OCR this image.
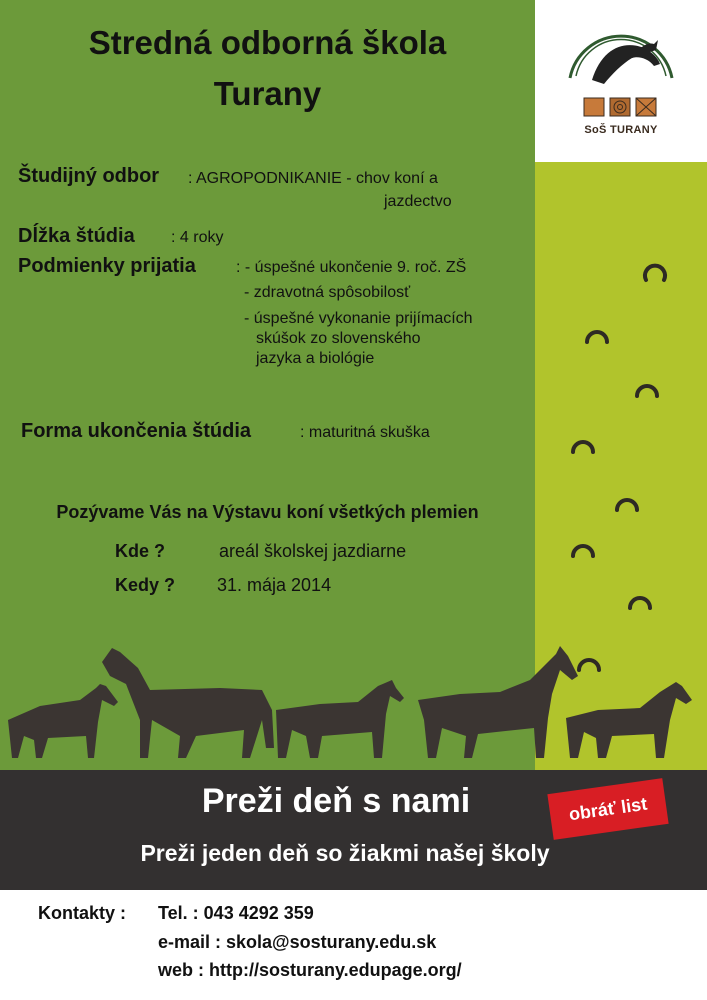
SoŠ TURANY
Stredná odborná škola
Turany
Študijný odbor : AGROPODNIKANIE - chov koní a
jazdectvo
Dĺžka štúdia : 4 roky
Podmienky prijatia	: - úspešné ukončenie 9. roč. ZŠ
- zdravotná spôsobilosť
- úspešné vykonanie prijímacích
skúšok zo slovenského
jazyka a biológie
Forma ukončenia štúdia	: maturitná skuška
Pozývame Vás na Výstavu koní všetkých plemien
Kde ?	areál školskej jazdiarne
Kedy ? 31. mája 2014
Preži deň s nami
Preži jeden deň so žiakmi našej školy
obráť list
Kontakty : Tel. : 043 4292 359
e-mail : skola@sosturany.edu.sk
web : http://sosturany.edupage.org/
